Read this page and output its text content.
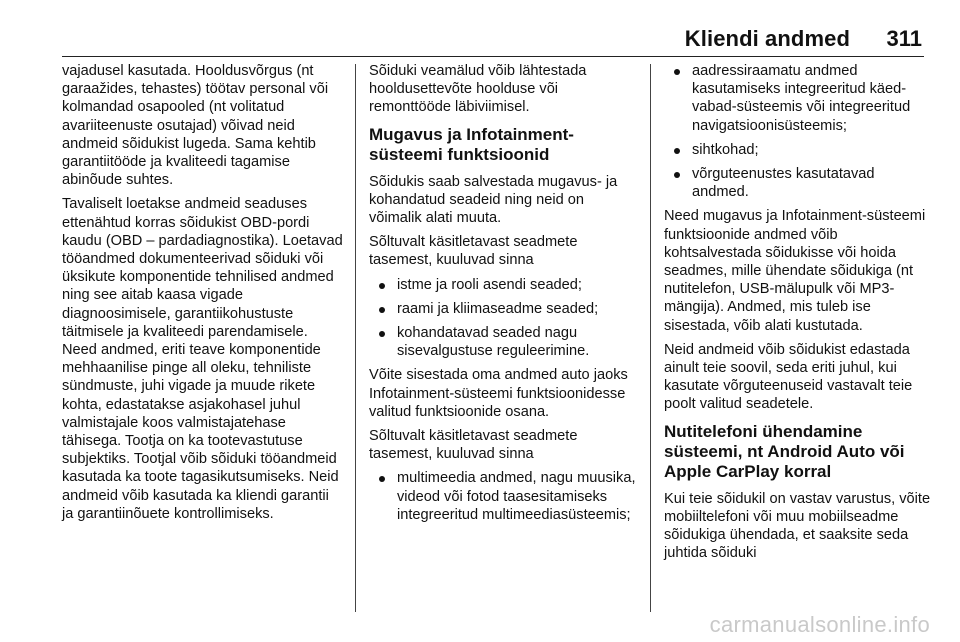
Kliendi andmed 311

vajadusel kasutada. Hooldusvõrgus (nt garaažides, tehastes) töötav personal või kolmandad osapooled (nt volitatud avariiteenuste osutajad) võivad neid andmeid sõidukist lugeda. Sama kehtib garantiitööde ja kvaliteedi tagamise abinõude suhtes.

Tavaliselt loetakse andmeid seaduses ettenähtud korras sõidukist OBD-pordi kaudu (OBD – pardadiagnostika). Loetavad tööandmed dokumenteerivad sõiduki või üksikute komponentide tehnilised andmed ning see aitab kaasa vigade diagnoosimisele, garantiikohustuste täitmisele ja kvaliteedi parendamisele. Need andmed, eriti teave komponentide mehhaanilise pinge all oleku, tehniliste sündmuste, juhi vigade ja muude rikete kohta, edastatakse asjakohasel juhul valmistajale koos valmistajatehase tähisega. Tootja on ka tootevastutuse subjektiks. Tootjal võib sõiduki tööandmeid kasutada ka toote tagasikutsumiseks. Neid andmeid võib kasutada ka kliendi garantii ja garantiinõuete kontrollimiseks.

Sõiduki veamälud võib lähtestada hooldusettevõte hoolduse või remonttööde läbiviimisel.

Mugavus ja Infotainment-süsteemi funktsioonid

Sõidukis saab salvestada mugavus- ja kohandatud seadeid ning neid on võimalik alati muuta.

Sõltuvalt käsitletavast seadmete tasemest, kuuluvad sinna

istme ja rooli asendi seaded;
raami ja kliimaseadme seaded;
kohandatavad seaded nagu sisevalgustuse reguleerimine.

Võite sisestada oma andmed auto jaoks Infotainment-süsteemi funktsioonidesse valitud funktsioonide osana.

Sõltuvalt käsitletavast seadmete tasemest, kuuluvad sinna

multimeedia andmed, nagu muusika, videod või fotod taasesitamiseks integreeritud multimeediasüsteemis;
aadressiraamatu andmed kasutamiseks integreeritud käed-vabad-süsteemis või integreeritud navigatsioonisüsteemis;
sihtkohad;
võrguteenustes kasutatavad andmed.

Need mugavus ja Infotainment-süsteemi funktsioonide andmed võib kohtsalvestada sõidukisse või hoida seadmes, mille ühendate sõidukiga (nt nutitelefon, USB-mälupulk või MP3-mängija). Andmed, mis tuleb ise sisestada, võib alati kustutada.

Neid andmeid võib sõidukist edastada ainult teie soovil, seda eriti juhul, kui kasutate võrguteenuseid vastavalt teie poolt valitud seadetele.

Nutitelefoni ühendamine süsteemi, nt Android Auto või Apple CarPlay korral

Kui teie sõidukil on vastav varustus, võite mobiiltelefoni või muu mobiilseadme sõidukiga ühendada, et saaksite seda juhtida sõiduki

carmanualsonline.info
